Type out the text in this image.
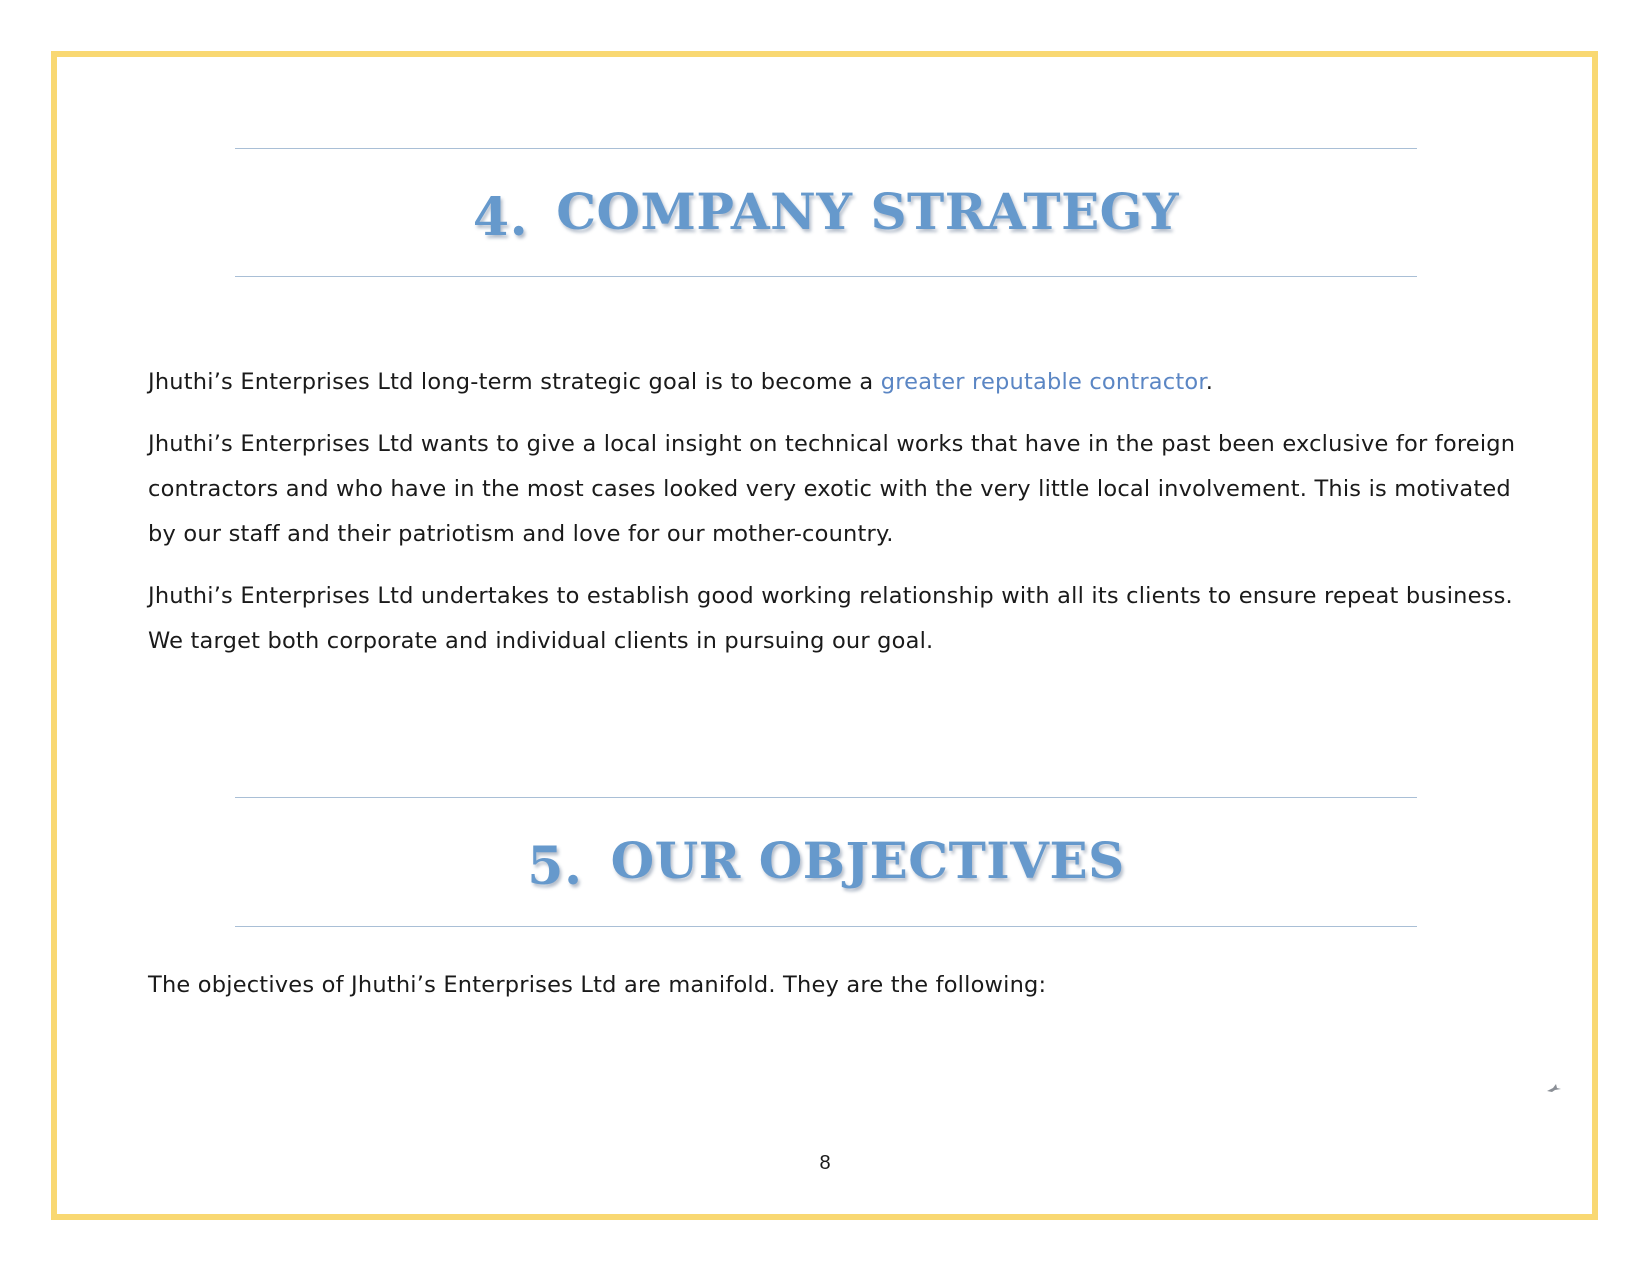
4. COMPANY STRATEGY

Jhuthi’s Enterprises Ltd long-term strategic goal is to become a greater reputable contractor.

Jhuthi’s Enterprises Ltd wants to give a local insight on technical works that have in the past been exclusive for foreign contractors and who have in the most cases looked very exotic with the very little local involvement. This is motivated by our staff and their patriotism and love for our mother-country.

Jhuthi’s Enterprises Ltd undertakes to establish good working relationship with all its clients to ensure repeat business. We target both corporate and individual clients in pursuing our goal.

5. OUR OBJECTIVES

The objectives of Jhuthi’s Enterprises Ltd are manifold. They are the following:

8
